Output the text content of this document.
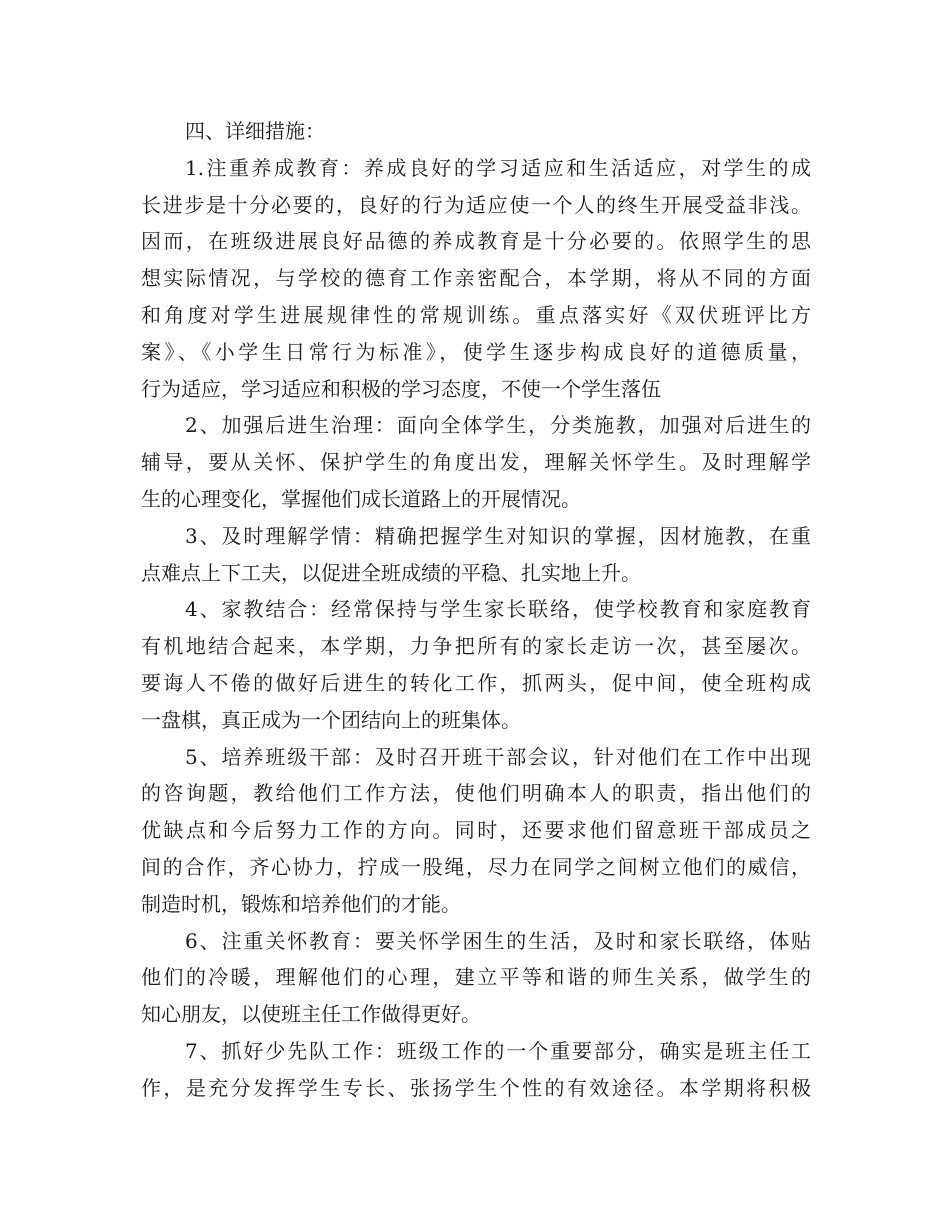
四、详细措施：
1.注重养成教育：养成良好的学习适应和生活适应，对学生的成
长进步是十分必要的，良好的行为适应使一个人的终生开展受益非浅。
因而，在班级进展良好品德的养成教育是十分必要的。依照学生的思
想实际情况，与学校的德育工作亲密配合，本学期，将从不同的方面
和角度对学生进展规律性的常规训练。重点落实好《双伏班评比方
案》、《小学生日常行为标准》，使学生逐步构成良好的道德质量，
行为适应，学习适应和积极的学习态度，不使一个学生落伍
2、加强后进生治理：面向全体学生，分类施教，加强对后进生的
辅导，要从关怀、保护学生的角度出发，理解关怀学生。及时理解学
生的心理变化，掌握他们成长道路上的开展情况。
3、及时理解学情：精确把握学生对知识的掌握，因材施教，在重
点难点上下工夫，以促进全班成绩的平稳、扎实地上升。
4、家教结合：经常保持与学生家长联络，使学校教育和家庭教育
有机地结合起来，本学期，力争把所有的家长走访一次，甚至屡次。
要诲人不倦的做好后进生的转化工作，抓两头，促中间，使全班构成
一盘棋，真正成为一个团结向上的班集体。
5、培养班级干部：及时召开班干部会议，针对他们在工作中出现
的咨询题，教给他们工作方法，使他们明确本人的职责，指出他们的
优缺点和今后努力工作的方向。同时，还要求他们留意班干部成员之
间的合作，齐心协力，拧成一股绳，尽力在同学之间树立他们的威信，
制造时机，锻炼和培养他们的才能。
6、注重关怀教育：要关怀学困生的生活，及时和家长联络，体贴
他们的冷暖，理解他们的心理，建立平等和谐的师生关系，做学生的
知心朋友，以使班主任工作做得更好。
7、抓好少先队工作：班级工作的一个重要部分，确实是班主任工
作，是充分发挥学生专长、张扬学生个性的有效途径。本学期将积极
